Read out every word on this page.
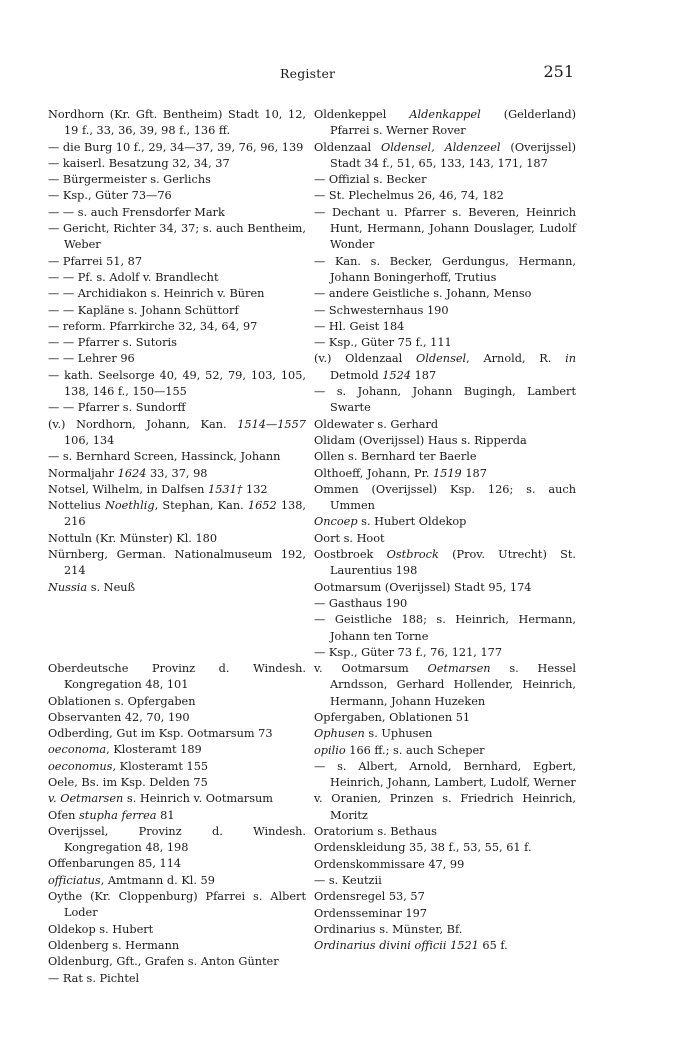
Register	251
Nordhorn (Kr. Gft. Bentheim) Stadt 10, 12, 19 f., 33, 36, 39, 98 f., 136 ff.
— die Burg 10 f., 29, 34—37, 39, 76, 96, 139
— kaiserl. Besatzung 32, 34, 37
— Bürgermeister s. Gerlichs
— Ksp., Güter 73—76
— — s. auch Frensdorfer Mark
— Gericht, Richter 34, 37; s. auch Bentheim, Weber
— Pfarrei 51, 87
— — Pf. s. Adolf v. Brandlecht
— — Archidiakon s. Heinrich v. Büren
— — Kapläne s. Johann Schüttorf
— reform. Pfarrkirche 32, 34, 64, 97
— — Pfarrer s. Sutoris
— — Lehrer 96
— kath. Seelsorge 40, 49, 52, 79, 103, 105, 138, 146 f., 150—155
— — Pfarrer s. Sundorff
(v.) Nordhorn, Johann, Kan. 1514—1557 106, 134
— s. Bernhard Screen, Hassinck, Johann
Normaljahr 1624 33, 37, 98
Notsel, Wilhelm, in Dalfsen 1531† 132
Nottelius Noethlig, Stephan, Kan. 1652 138, 216
Nottuln (Kr. Münster) Kl. 180
Nürnberg, German. Nationalmuseum 192, 214
Nussia s. Neuß
Oberdeutsche Provinz d. Windesh. Kongregation 48, 101
Oblationen s. Opfergaben
Observanten 42, 70, 190
Odberding, Gut im Ksp. Ootmarsum 73
oeconoma, Klosteramt 189
oeconomus, Klosteramt 155
Oele, Bs. im Ksp. Delden 75
v. Oetmarsen s. Heinrich v. Ootmarsum
Ofen stupha ferrea 81
Overijssel, Provinz d. Windesh. Kongregation 48, 198
Offenbarungen 85, 114
officiatus, Amtmann d. Kl. 59
Oythe (Kr. Cloppenburg) Pfarrei s. Albert Loder
Oldekop s. Hubert
Oldenberg s. Hermann
Oldenburg, Gft., Grafen s. Anton Günter
— Rat s. Pichtel
Oldenkeppel Aldenkappel (Gelderland) Pfarrei s. Werner Rover
Oldenzaal Oldensel, Aldenzeel (Overijssel) Stadt 34 f., 51, 65, 133, 143, 171, 187
— Offizial s. Becker
— St. Plechelmus 26, 46, 74, 182
— Dechant u. Pfarrer s. Beveren, Heinrich Hunt, Hermann, Johann Douslager, Ludolf Wonder
— Kan. s. Becker, Gerdungus, Hermann, Johann Boningerhoff, Trutius
— andere Geistliche s. Johann, Menso
— Schwesternhaus 190
— Hl. Geist 184
— Ksp., Güter 75 f., 111
(v.) Oldenzaal Oldensel, Arnold, R. in Detmold 1524 187
— s. Johann, Johann Bugingh, Lambert Swarte
Oldewater s. Gerhard
Olidam (Overijssel) Haus s. Ripperda
Ollen s. Bernhard ter Baerle
Olthoeff, Johann, Pr. 1519 187
Ommen (Overijssel) Ksp. 126; s. auch Ummen
Oncoep s. Hubert Oldekop
Oort s. Hoot
Oostbroek Ostbrock (Prov. Utrecht) St. Laurentius 198
Ootmarsum (Overijssel) Stadt 95, 174
— Gasthaus 190
— Geistliche 188; s. Heinrich, Hermann, Johann ten Torne
— Ksp., Güter 73 f., 76, 121, 177
v. Ootmarsum Oetmarsen s. Hessel Arndsson, Gerhard Hollender, Heinrich, Hermann, Johann Huzeken
Opfergaben, Oblationen 51
Ophusen s. Uphusen
opilio 166 ff.; s. auch Scheper
— s. Albert, Arnold, Bernhard, Egbert, Heinrich, Johann, Lambert, Ludolf, Werner
v. Oranien, Prinzen s. Friedrich Heinrich, Moritz
Oratorium s. Bethaus
Ordenskleidung 35, 38 f., 53, 55, 61 f.
Ordenskommissare 47, 99
— s. Keutzii
Ordensregel 53, 57
Ordensseminar 197
Ordinarius s. Münster, Bf.
Ordinarius divini officii 1521 65 f.
